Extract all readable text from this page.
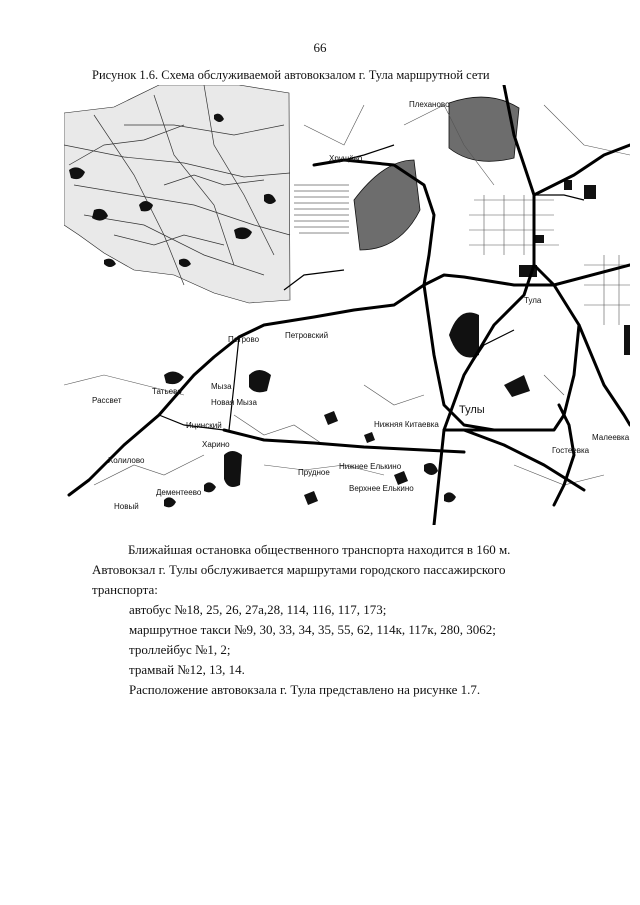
66
Рисунок 1.6. Схема обслуживаемой автовокзалом г. Тула маршрутной сети
Плеханово
Хрущёво
Тула
Петрово	Петровский
Рассвет
Татьево
Мыза
Новая Мыза
Ицинский
Харино
Нижняя Китаевка
Тулы
Холилово
Прудное
Нижнее Елькино
Верхнее Елькино
Дементеево
Новый
Гостеевка
Малеевка

Ближайшая остановка общественного транспорта находится в 160 м.

Автовокзал г. Тулы обслуживается маршрутами городского пассажирского транспорта:

автобус №18, 25, 26, 27а,28, 114, 116, 117, 173;

маршрутное такси №9, 30, 33, 34, 35, 55, 62, 114к, 117к, 280, 3062;

троллейбус №1, 2;

трамвай №12, 13, 14.

Расположение автовокзала г. Тула представлено на рисунке 1.7.
